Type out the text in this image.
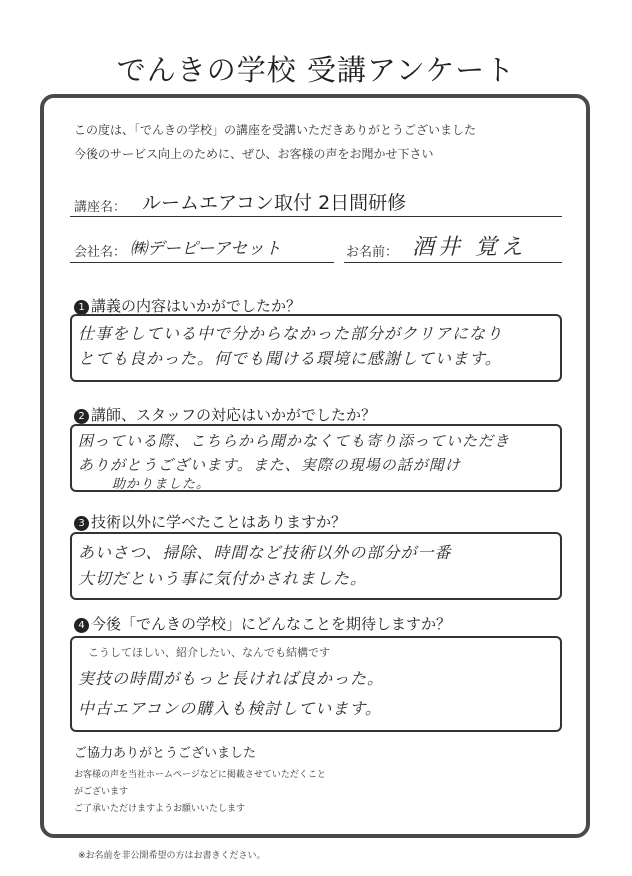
でんきの学校 受講アンケート
この度は、「でんきの学校」の講座を受講いただきありがとうございました
今後のサービス向上のために、ぜひ、お客様の声をお聞かせ下さい
講座名： ルームエアコン取付 2日間研修
会社名： ㈱デーピーアセット	お名前： 酒井 覚え
1 講義の内容はいかがでしたか？
仕事をしている中で分からなかった部分がクリアになり
とても良かった。何でも聞ける環境に感謝しています。
2 講師、スタッフの対応はいかがでしたか？
困っている際、こちらから聞かなくても寄り添っていただき
ありがとうございます。また、実際の現場の話が聞け
助かりました。
3 技術以外に学べたことはありますか？
あいさつ、掃除、時間など技術以外の部分が一番
大切だという事に気付かされました。
4 今後「でんきの学校」にどんなことを期待しますか？
こうしてほしい、紹介したい、なんでも結構です
実技の時間がもっと長ければ良かった。
中古エアコンの購入も検討しています。
ご協力ありがとうございました
お客様の声を当社ホームページなどに掲載させていただくこと
がございます
ご了承いただけますようお願いいたします
※お名前を非公開希望の方はお書きください。
